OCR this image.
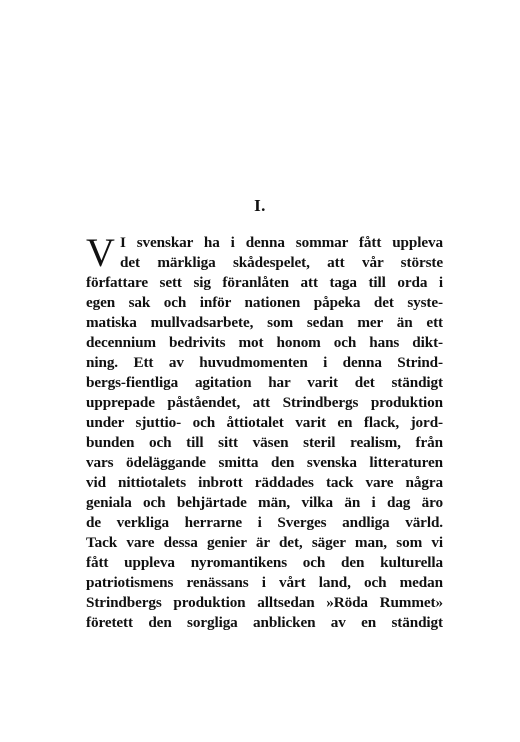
I.
V I svenskar ha i denna sommar fått uppleva
det märkliga skådespelet, att vår störste
författare sett sig föranlåten att taga till orda i
egen sak och inför nationen påpeka det syste-
matiska mullvadsarbete, som sedan mer än ett
decennium bedrivits mot honom och hans dikt-
ning. Ett av huvudmomenten i denna Strind-
bergs-fientliga agitation har varit det ständigt
upprepade påståendet, att Strindbergs produktion
under sjuttio- och åttiotalet varit en flack, jord-
bunden och till sitt väsen steril realism, från
vars ödeläggande smitta den svenska litteraturen
vid nittiotalets inbrott räddades tack vare några
geniala och behjärtade män, vilka än i dag äro
de verkliga herrarne i Sverges andliga värld.
Tack vare dessa genier är det, säger man, som vi
fått uppleva nyromantikens och den kulturella
patriotismens renässans i vårt land, och medan
Strindbergs produktion alltsedan »Röda Rummet»
företett den sorgliga anblicken av en ständigt
